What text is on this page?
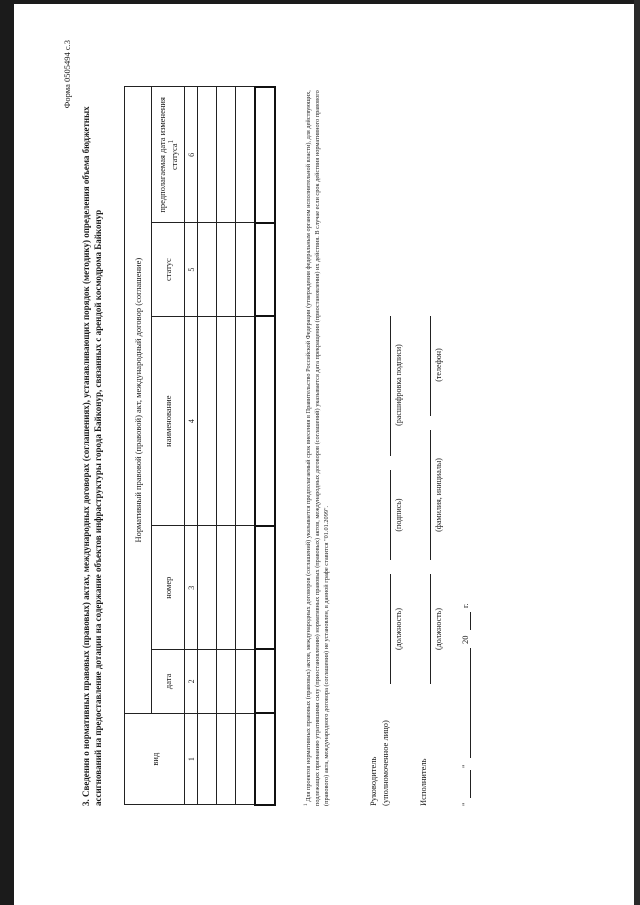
Форма 0505494 с.3
3. Сведения о нормативных правовых (правовых) актах, международных договорах (соглашениях), устанавливающих порядок (методику) определения объема бюджетных ассигнований на предоставление дотации на содержание объектов инфраструктуры города Байконур, связанных с арендой космодрома Байконур	вид	Нормативный правовой (правовой) акт, международный договор (соглашение)				
	дата	номер	наименование	статус	предполагаемая дата изменения статуса$^1$
1	2	3	4	5	6

$^1$ Для проектов нормативных правовых (правовых) актов, международных договоров (соглашений) указывается предполагаемый срок внесения в Правительство Российской Федерации (утверждения федеральным органом исполнительной власти), для действующих, подлежащих признанию утратившими силу (приостановлению) нормативных правовых (правовых) актов, международных договоров (соглашений) указывается дата прекращения (приостановления) их действия. В случае если срок действия нормативного правового (правового) акта, международного договора (соглашения) не установлен, в данной графе ставится "01.01.2099".	Руководитель (уполномоченное лицо)
(должность)
(подпись)
(расшифровка подписи)
Исполнитель
(должность)
(фамилия, инициалы)
(телефон)
"
"
20
г.
